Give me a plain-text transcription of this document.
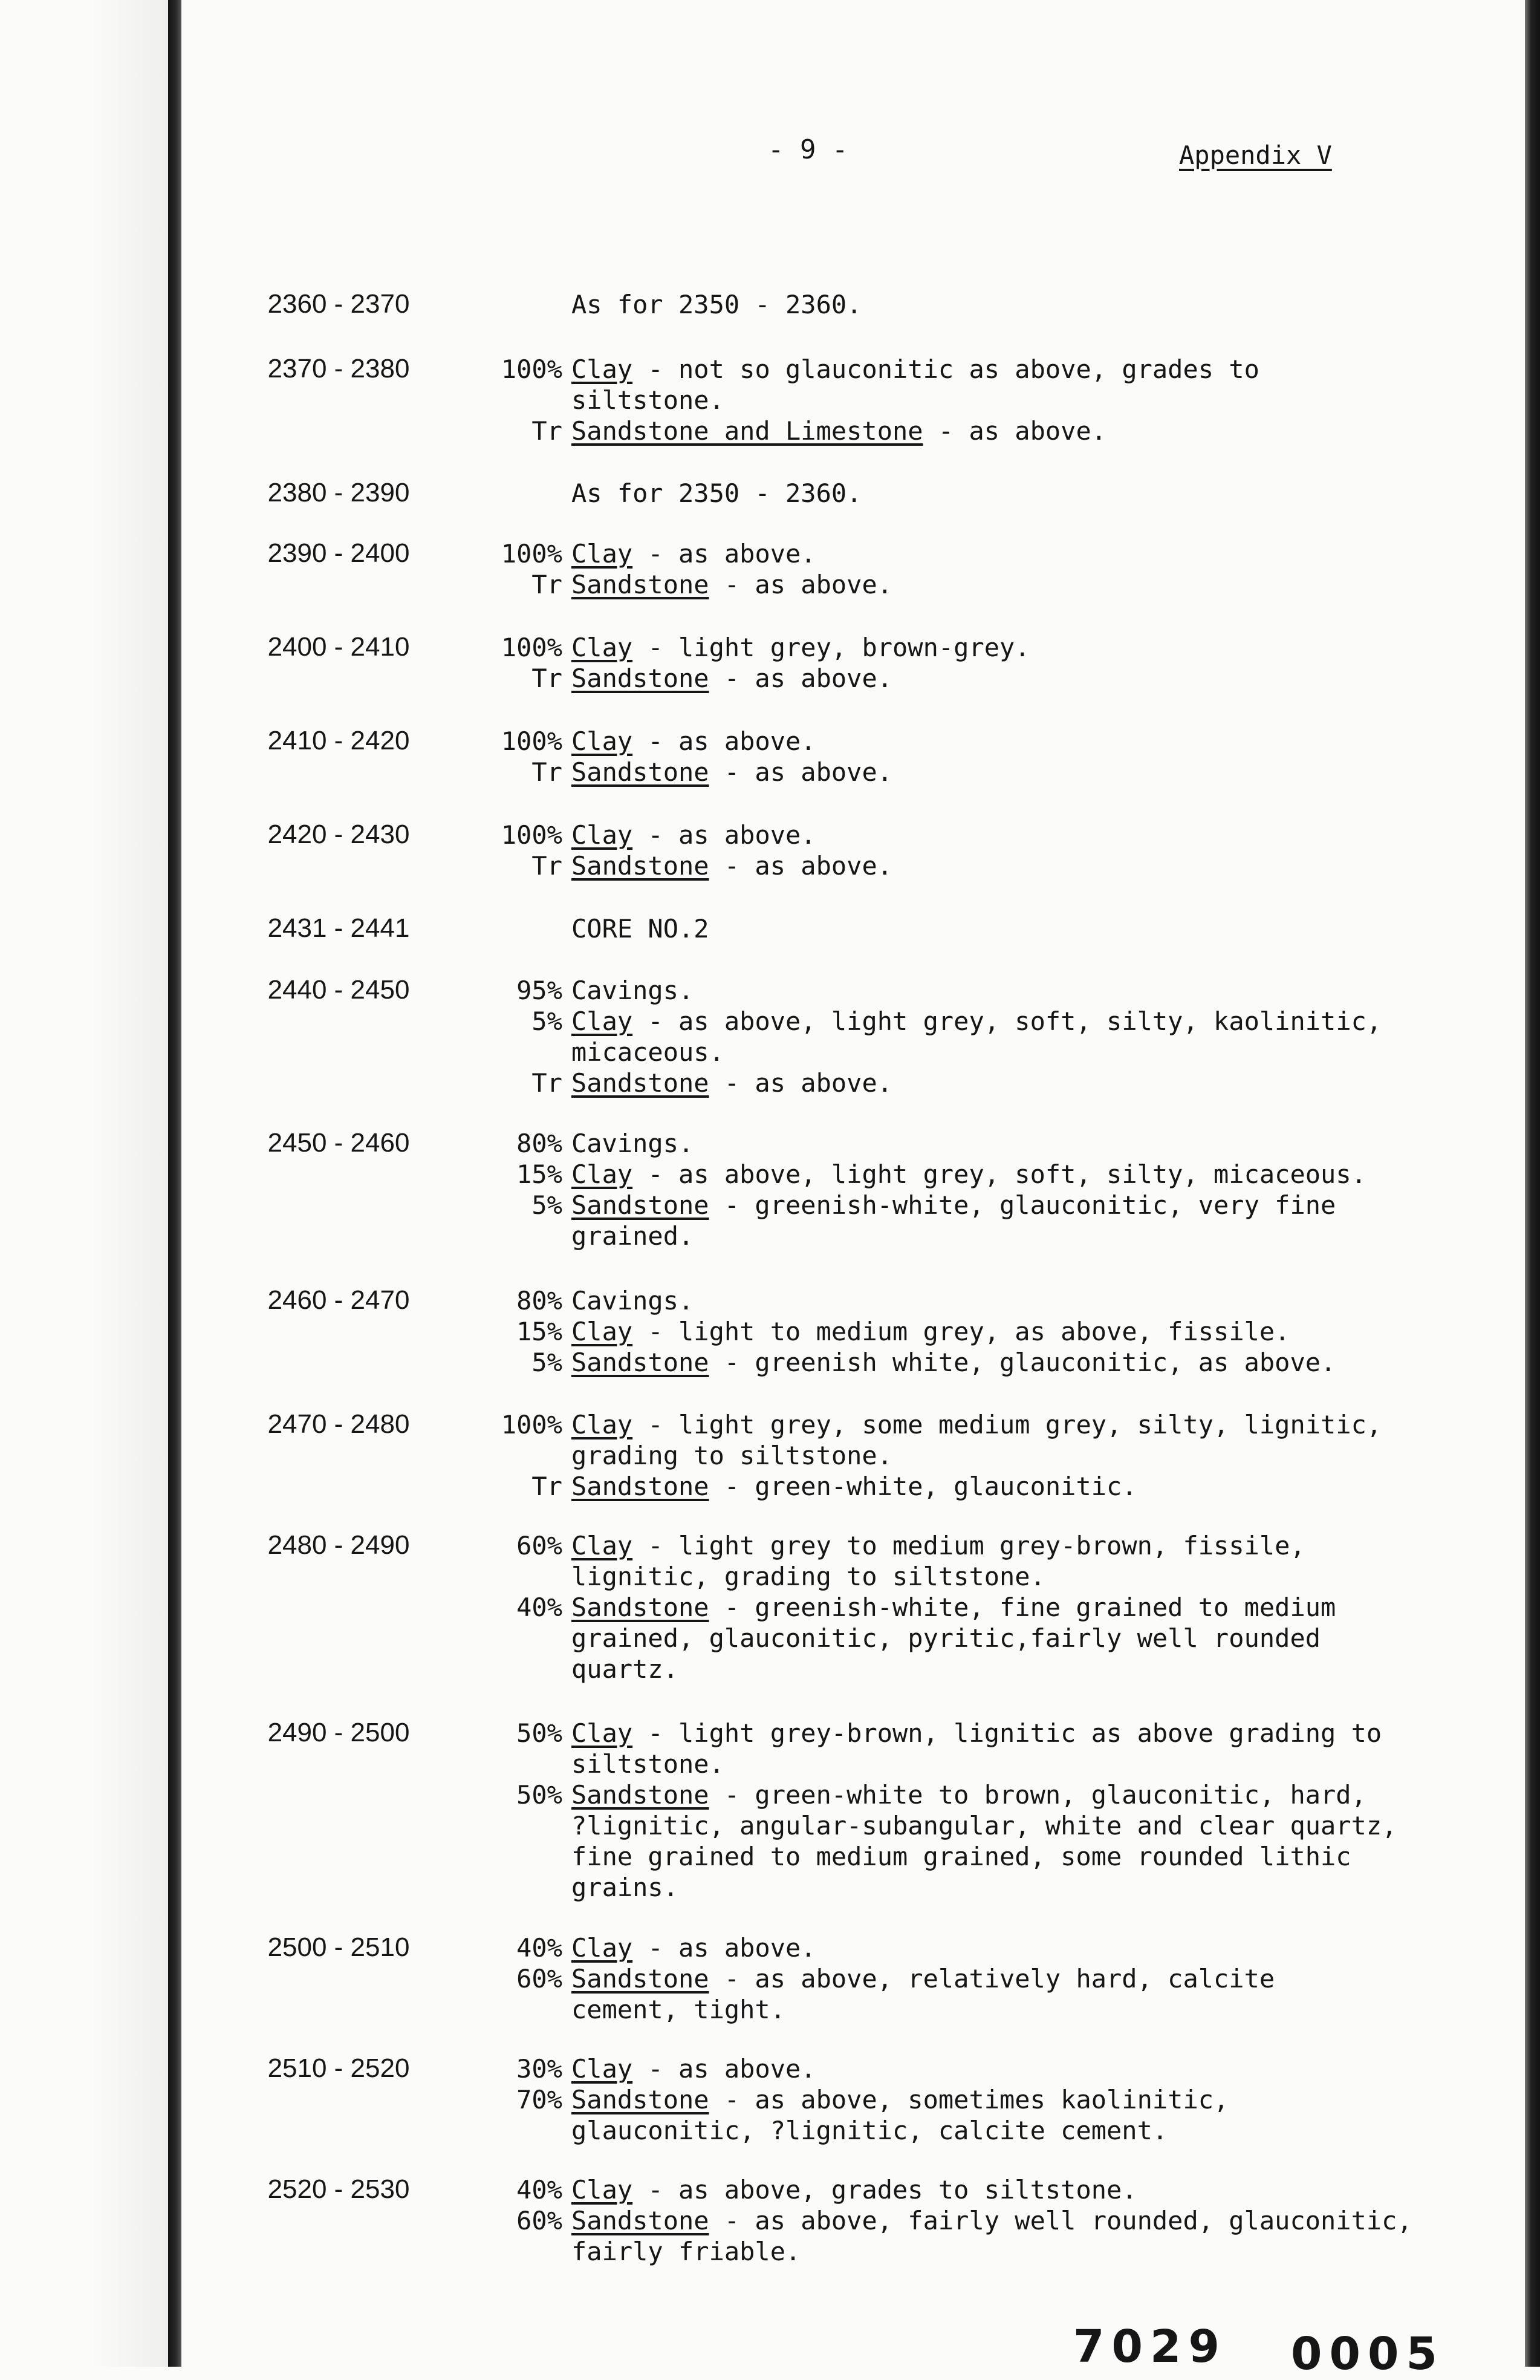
- 9 -	Appendix V
2360 - 2370	As for 2350 - 2360.
2370 - 2380	100% Clay - not so glauconitic as above, grades to
siltstone.
Tr Sandstone and Limestone - as above.
2380 - 2390	As for 2350 - 2360.
2390 - 2400	100% Clay - as above.
Tr Sandstone - as above.
2400 - 2410	100% Clay - light grey, brown-grey.
Tr Sandstone - as above.
2410 - 2420	100% Clay - as above.
Tr Sandstone - as above.
2420 - 2430	100% Clay - as above.
Tr Sandstone - as above.
2431 - 2441	CORE NO.2
2440 - 2450	95% Cavings.
5% Clay - as above, light grey, soft, silty, kaolinitic,
micaceous.
Tr Sandstone - as above.
2450 - 2460	80% Cavings.
15% Clay - as above, light grey, soft, silty, micaceous.
5% Sandstone - greenish-white, glauconitic, very fine
grained.
2460 - 2470	80% Cavings.
15% Clay - light to medium grey, as above, fissile.
5% Sandstone - greenish white, glauconitic, as above.
2470 - 2480	100% Clay - light grey, some medium grey, silty, lignitic,
grading to siltstone.
Tr Sandstone - green-white, glauconitic.
2480 - 2490	60% Clay - light grey to medium grey-brown, fissile,
lignitic, grading to siltstone.
40% Sandstone - greenish-white, fine grained to medium
grained, glauconitic, pyritic,fairly well rounded
quartz.
2490 - 2500	50% Clay - light grey-brown, lignitic as above grading to
siltstone.
50% Sandstone - green-white to brown, glauconitic, hard,
?lignitic, angular-subangular, white and clear quartz,
fine grained to medium grained, some rounded lithic
grains.
2500 - 2510	40% Clay - as above.
60% Sandstone - as above, relatively hard, calcite
cement, tight.
2510 - 2520	30% Clay - as above.
70% Sandstone - as above, sometimes kaolinitic,
glauconitic, ?lignitic, calcite cement.
2520 - 2530	40% Clay - as above, grades to siltstone.
60% Sandstone - as above, fairly well rounded, glauconitic,
fairly friable.
7029 0005
